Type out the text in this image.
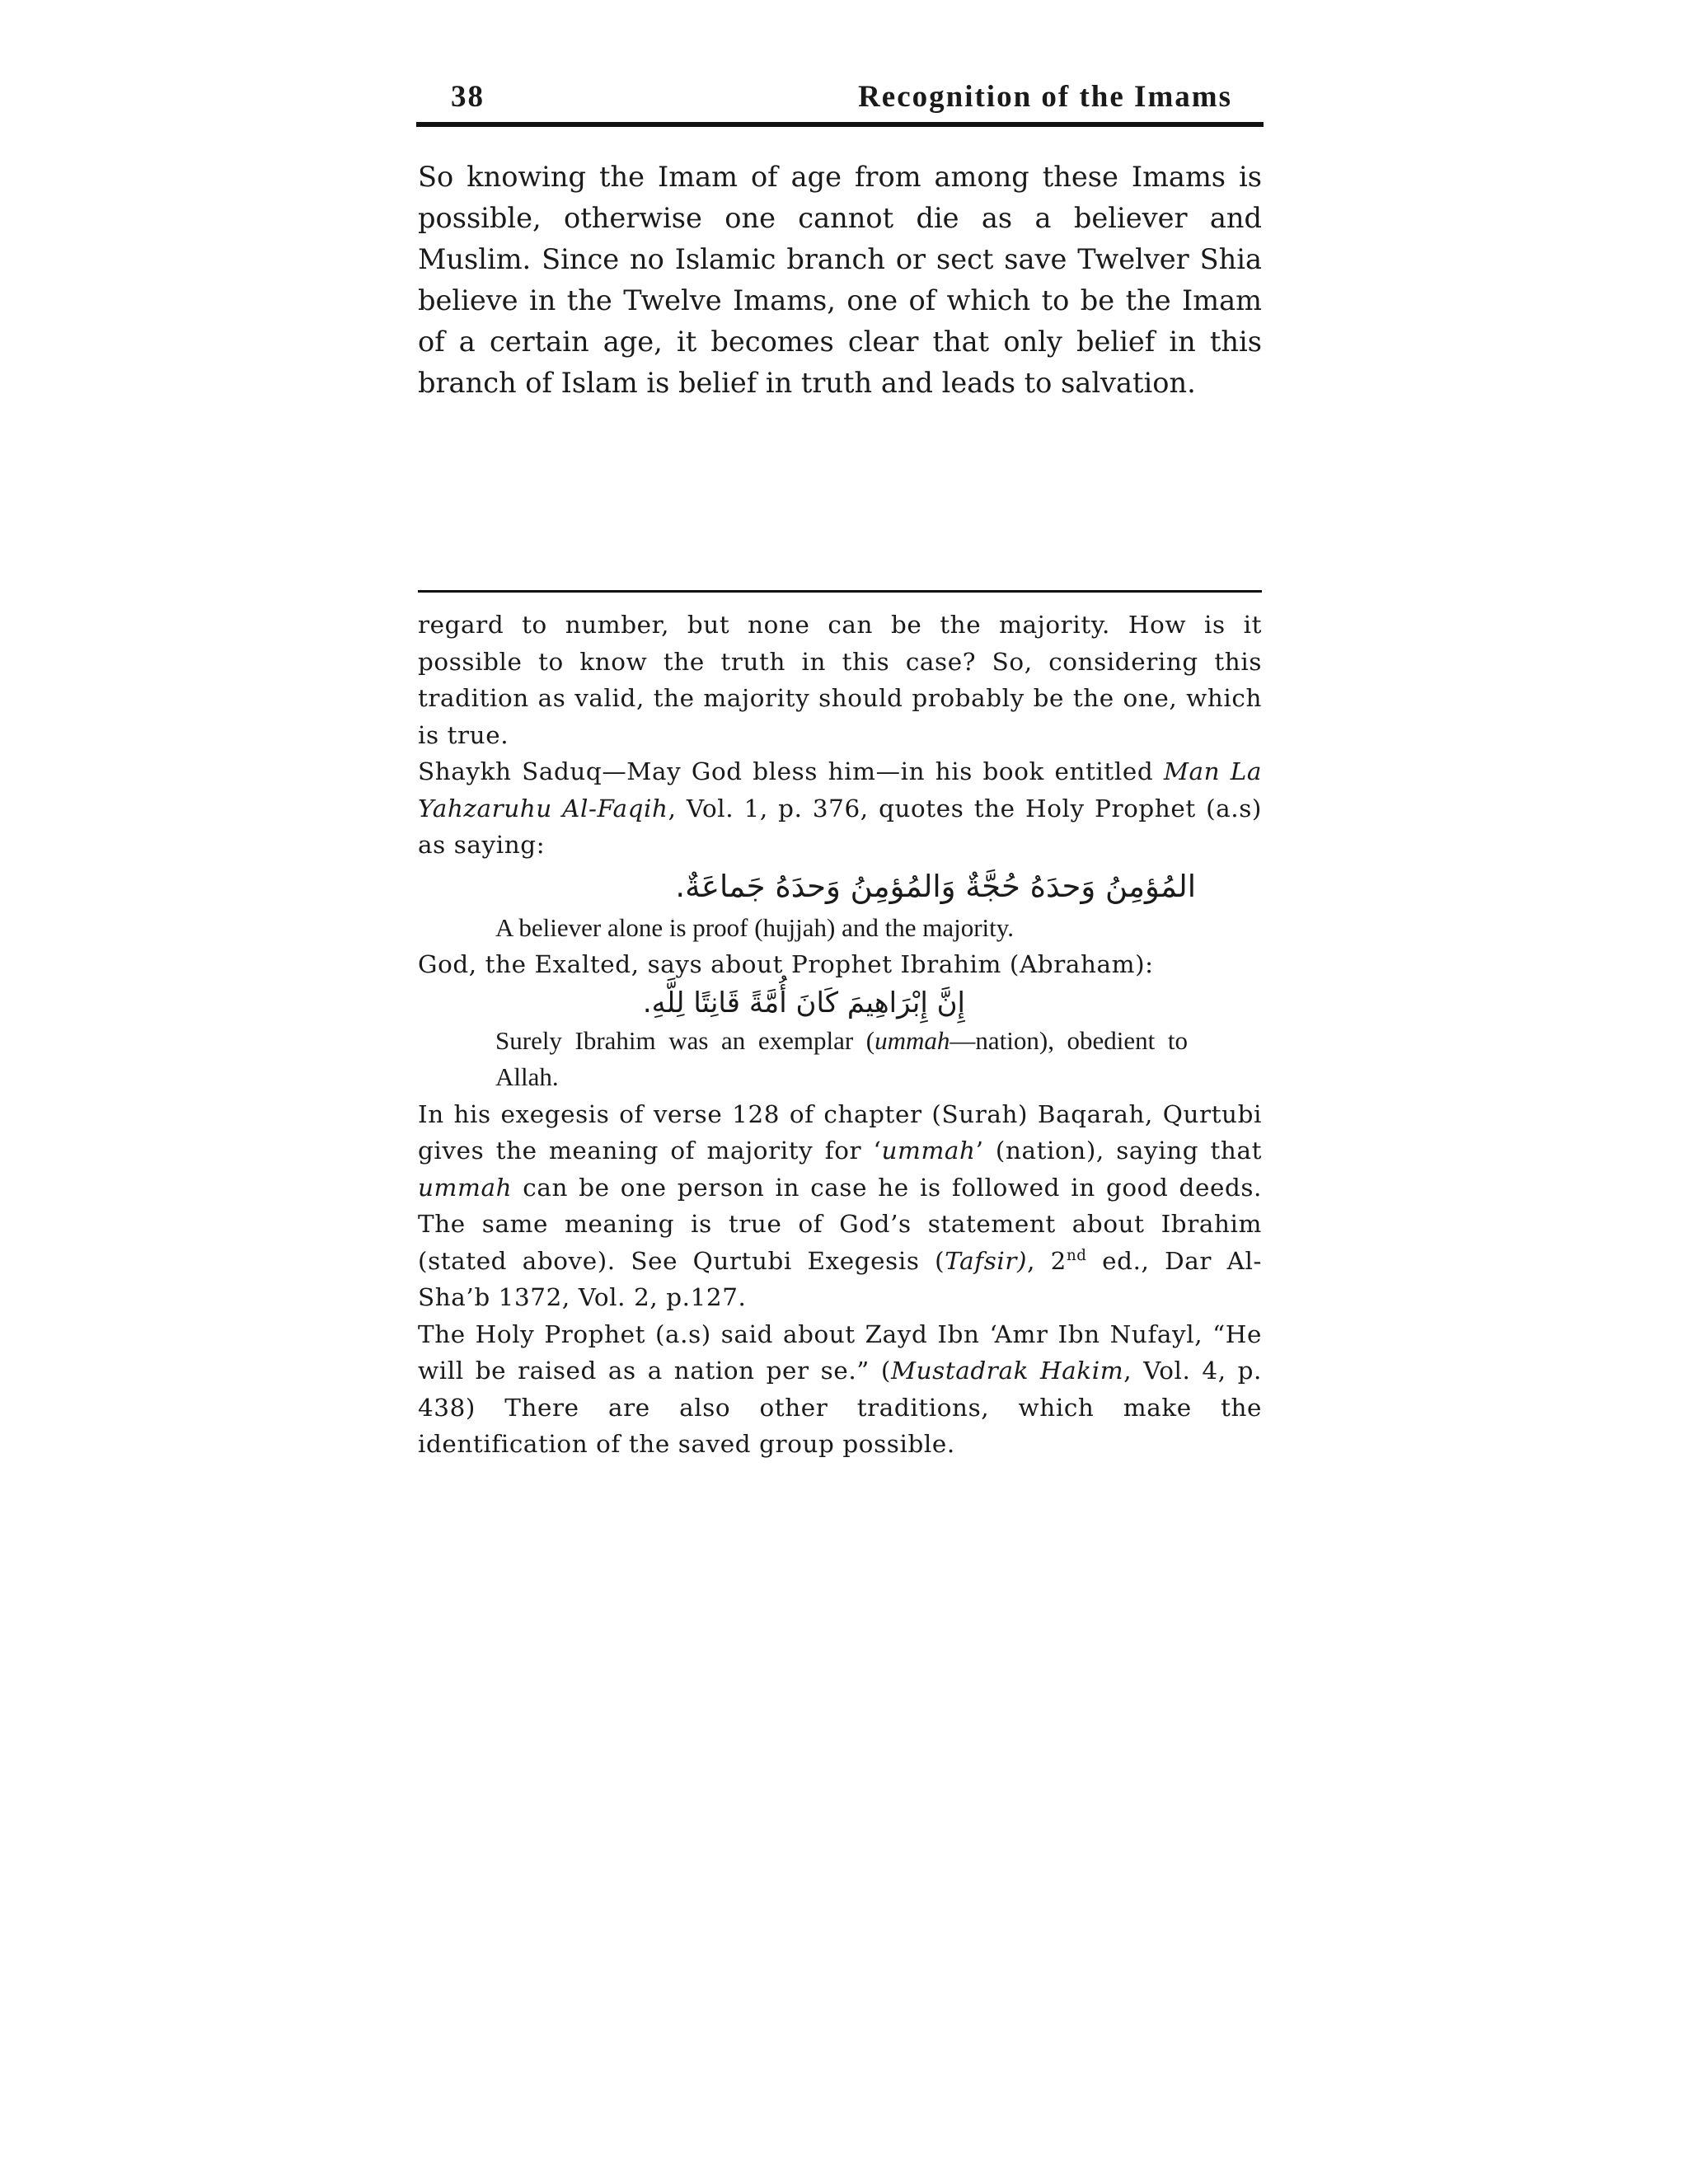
38	Recognition of the Imams

So knowing the Imam of age from among these Imams is possible, otherwise one cannot die as a believer and Muslim. Since no Islamic branch or sect save Twelver Shia believe in the Twelve Imams, one of which to be the Imam of a certain age, it becomes clear that only belief in this branch of Islam is belief in truth and leads to salvation.

regard to number, but none can be the majority. How is it possible to know the truth in this case? So, considering this tradition as valid, the majority should probably be the one, which is true.

Shaykh Saduq—May God bless him—in his book entitled Man La Yahzaruhu Al-Faqih, Vol. 1, p. 376, quotes the Holy Prophet (a.s) as saying:

المُؤمِنُ وَحدَهُ حُجَّةٌ وَالمُؤمِنُ وَحدَهُ جَماعَةٌ.

A believer alone is proof (hujjah) and the majority.

God, the Exalted, says about Prophet Ibrahim (Abraham):

إِنَّ إِبْرَاهِيمَ كَانَ أُمَّةً قَانِتًا لِلَّهِ.

Surely Ibrahim was an exemplar (ummah—nation), obedient to Allah.

In his exegesis of verse 128 of chapter (Surah) Baqarah, Qurtubi gives the meaning of majority for ‘ummah’ (nation), saying that ummah can be one person in case he is followed in good deeds. The same meaning is true of God’s statement about Ibrahim (stated above). See Qurtubi Exegesis (Tafsir), 2nd ed., Dar Al-Sha’b 1372, Vol. 2, p.127.

The Holy Prophet (a.s) said about Zayd Ibn ‘Amr Ibn Nufayl, “He will be raised as a nation per se.” (Mustadrak Hakim, Vol. 4, p. 438) There are also other traditions, which make the identification of the saved group possible.
